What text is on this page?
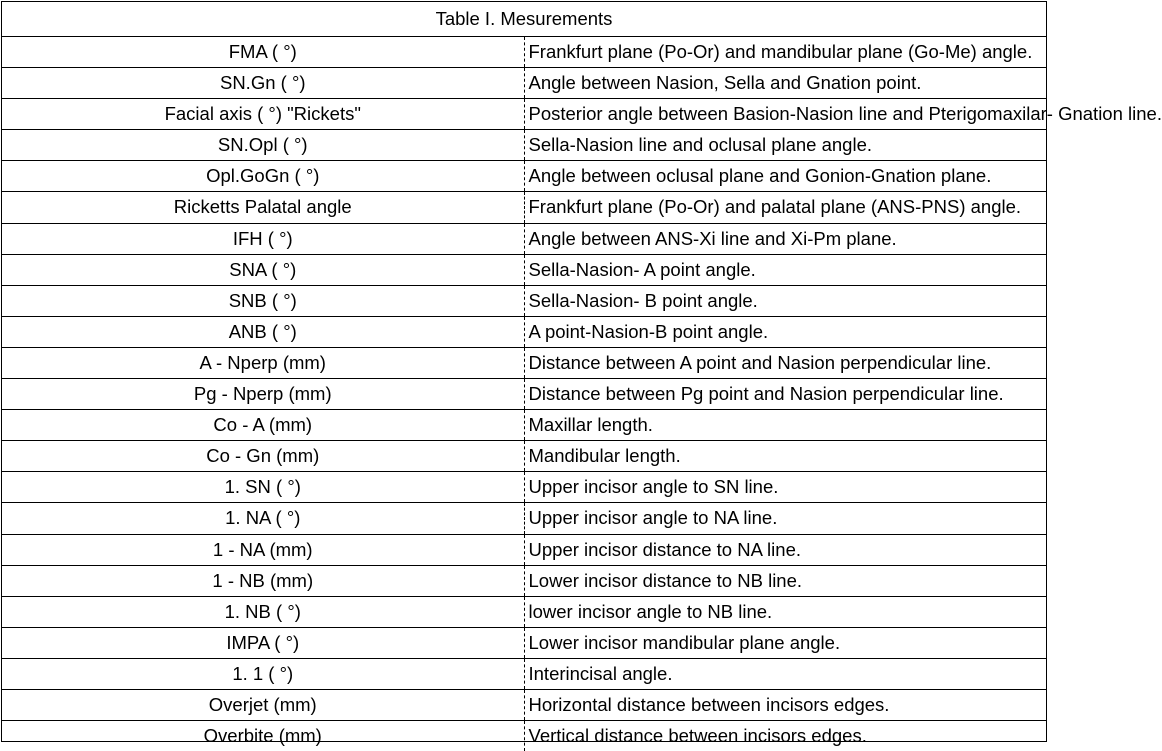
Table I. Mesurements	
FMA ( °)	Frankfurt plane (Po-Or) and mandibular plane (Go-Me) angle.
SN.Gn ( °)	Angle between Nasion, Sella and Gnation point.
Facial axis ( °) "Rickets"	Posterior angle between Basion-Nasion line and Pterigomaxilar- Gnation line.
SN.Opl ( °)	Sella-Nasion line and oclusal plane angle.
Opl.GoGn ( °)	Angle between oclusal plane and Gonion-Gnation plane.
Ricketts Palatal angle	Frankfurt plane (Po-Or) and palatal plane (ANS-PNS) angle.
IFH ( °)	Angle between ANS-Xi line and Xi-Pm plane.
SNA ( °)	Sella-Nasion- A point angle.
SNB ( °)	Sella-Nasion- B point angle.
ANB ( °)	A point-Nasion-B point angle.
A - Nperp (mm)	Distance between A point and Nasion perpendicular line.
Pg - Nperp (mm)	Distance between Pg point and Nasion perpendicular line.
Co - A (mm)	Maxillar length.
Co - Gn (mm)	Mandibular length.
1. SN ( °)	Upper incisor angle to SN line.
1. NA ( °)	Upper incisor angle to NA line.
1 - NA (mm)	Upper incisor distance to NA line.
1 - NB (mm)	Lower incisor distance to NB line.
1. NB ( °)	lower incisor angle to NB line.
IMPA ( °)	Lower incisor mandibular plane angle.
1. 1 ( °)	Interincisal angle.
Overjet (mm)	Horizontal distance between incisors edges.
Overbite (mm)	Vertical distance between incisors edges.
